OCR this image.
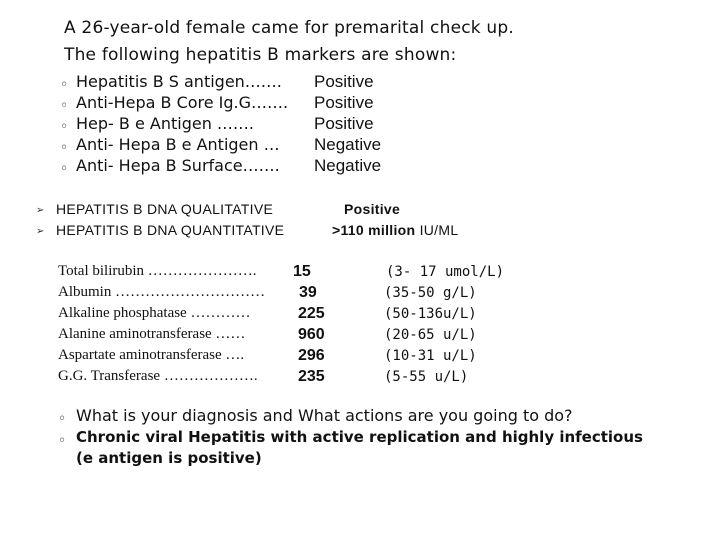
A 26-year-old female came for premarital check up.
The following hepatitis B markers are shown:
◦ Hepatitis B S antigen……. Positive
◦ Anti-Hepa B Core Ig.G……. Positive
◦ Hep- B e Antigen …….	Positive
◦ Anti- Hepa B e Antigen … Negative
◦ Anti- Hepa B Surface……. Negative
➢ HEPATITIS B DNA QUALITATIVE	Positive
➢ HEPATITIS B DNA QUANTITATIVE	>110 million IU/ML
Total bilirubin …………………. 15	(3- 17 umol/L)
Albumin ………………………… 39	(35-50 g/L)
Alkaline phosphatase …………	225	(50-136u/L)
Alanine aminotransferase ……	960	(20-65 u/L)
Aspartate aminotransferase ….	296	(10-31 u/L)
G.G. Transferase ……………….	235	(5-55 u/L)
◦ What is your diagnosis and What actions are you going to do?
◦ Chronic viral Hepatitis with active replication and highly infectious
(e antigen is positive)
